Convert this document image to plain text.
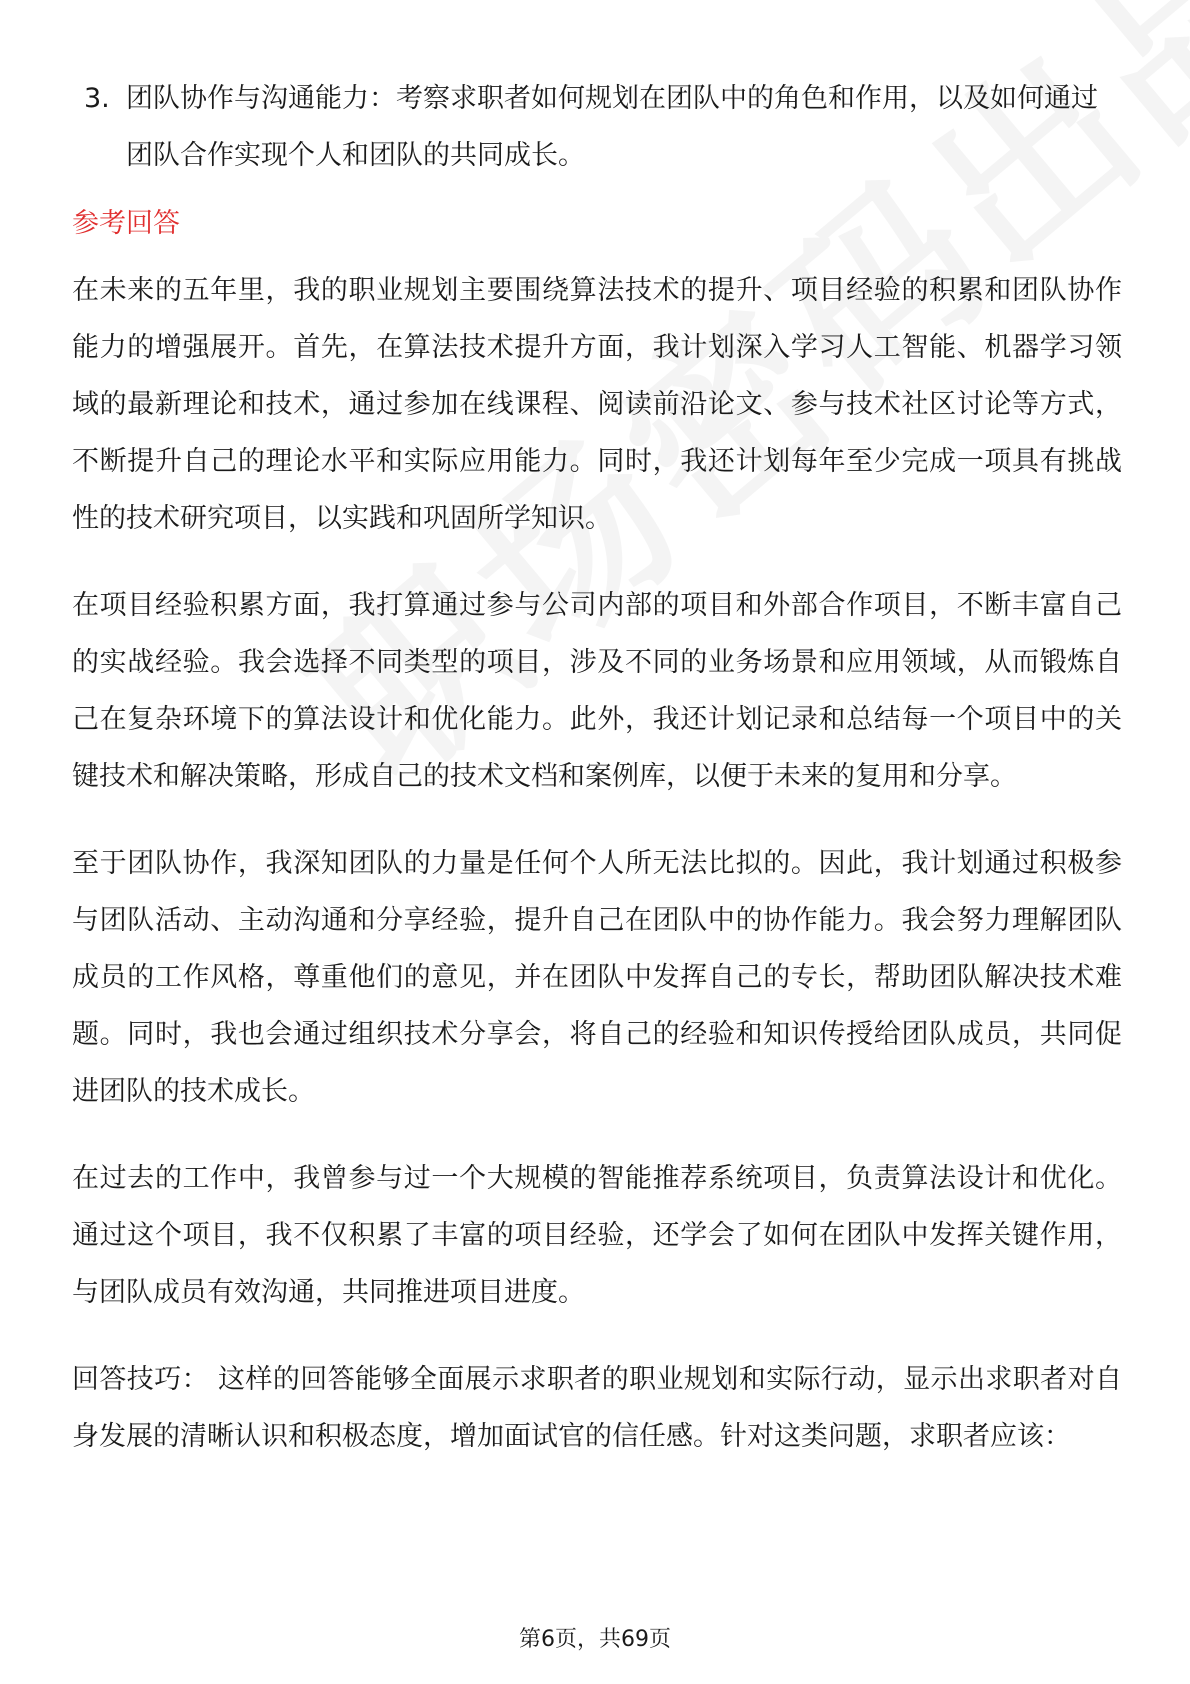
3. 团队协作与沟通能力：考察求职者如何规划在团队中的角色和作用，以及如何通过团队合作实现个人和团队的共同成长。
参考回答

在未来的五年里，我的职业规划主要围绕算法技术的提升、项目经验的积累和团队协作能力的增强展开。首先，在算法技术提升方面，我计划深入学习人工智能、机器学习领域的最新理论和技术，通过参加在线课程、阅读前沿论文、参与技术社区讨论等方式，不断提升自己的理论水平和实际应用能力。同时，我还计划每年至少完成一项具有挑战性的技术研究项目，以实践和巩固所学知识。

在项目经验积累方面，我打算通过参与公司内部的项目和外部合作项目，不断丰富自己的实战经验。我会选择不同类型的项目，涉及不同的业务场景和应用领域，从而锻炼自己在复杂环境下的算法设计和优化能力。此外，我还计划记录和总结每一个项目中的关键技术和解决策略，形成自己的技术文档和案例库，以便于未来的复用和分享。

至于团队协作，我深知团队的力量是任何个人所无法比拟的。因此，我计划通过积极参与团队活动、主动沟通和分享经验，提升自己在团队中的协作能力。我会努力理解团队成员的工作风格，尊重他们的意见，并在团队中发挥自己的专长，帮助团队解决技术难题。同时，我也会通过组织技术分享会，将自己的经验和知识传授给团队成员，共同促进团队的技术成长。

在过去的工作中，我曾参与过一个大规模的智能推荐系统项目，负责算法设计和优化。通过这个项目，我不仅积累了丰富的项目经验，还学会了如何在团队中发挥关键作用，与团队成员有效沟通，共同推进项目进度。

回答技巧： 这样的回答能够全面展示求职者的职业规划和实际行动，显示出求职者对自身发展的清晰认识和积极态度，增加面试官的信任感。针对这类问题，求职者应该：

第6页，共69页
